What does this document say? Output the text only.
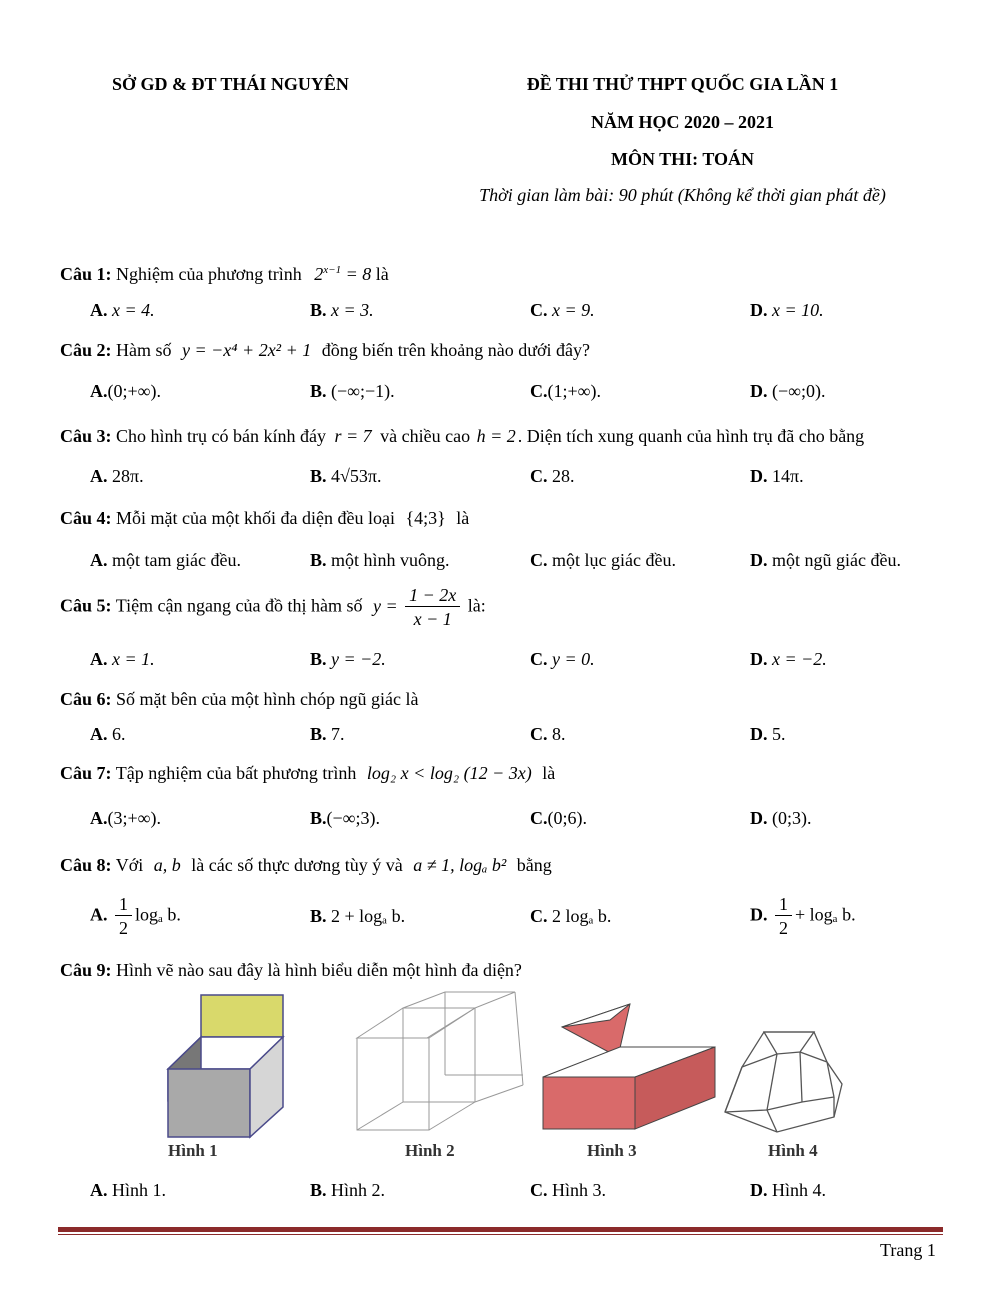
SỞ GD & ĐT THÁI NGUYÊN	ĐỀ THI THỬ THPT QUỐC GIA LẦN 1
NĂM HỌC 2020 – 2021
MÔN THI: TOÁN
Thời gian làm bài: 90 phút (Không kể thời gian phát đề)
Câu 1: Nghiệm của phương trình $2^{x-1} = 8$ là
A. x = 4.	B. x = 3.	C. x = 9.	D. x = 10.
Câu 2: Hàm số y = −x⁴ + 2x² + 1 đồng biến trên khoảng nào dưới đây?
A.(0;+∞).	B. (−∞;−1).	C.(1;+∞).	D. (−∞;0).
Câu 3: Cho hình trụ có bán kính đáy r = 7 và chiều cao h = 2 . Diện tích xung quanh của hình trụ đã cho bằng
A. 28π.	B. 4√53π.	C. 28.	D. 14π.
Câu 4: Mỗi mặt của một khối đa diện đều loại {4;3} là
A. một tam giác đều.	B. một hình vuông.	C. một lục giác đều.	D. một ngũ giác đều.
Câu 5: Tiệm cận ngang của đồ thị hàm số $y = \frac{1 - 2x}{x - 1}$ là:
A. x = 1.	B. y = −2.	C. y = 0.	D. x = −2.
Câu 6: Số mặt bên của một hình chóp ngũ giác là
A. 6.	B. 7.	C. 8.	D. 5.
Câu 7: Tập nghiệm của bất phương trình log₂ x < log₂ (12 − 3x) là
A.(3;+∞).	B.(−∞;3).	C.(0;6).	D. (0;3).
Câu 8: Với a, b là các số thực dương tùy ý và a ≠ 1, logₐ b² bằng
A. $\frac{1}{2}$ logₐ b.	B. 2 + logₐ b.	C. 2 logₐ b.	D. $\frac{1}{2} + \log_a$ b.
Câu 9: Hình vẽ nào sau đây là hình biểu diễn một hình đa diện?
Hình 1	Hình 2	Hình 3	Hình 4
A. Hình 1.	B. Hình 2.	C. Hình 3.	D. Hình 4.
Trang 1
